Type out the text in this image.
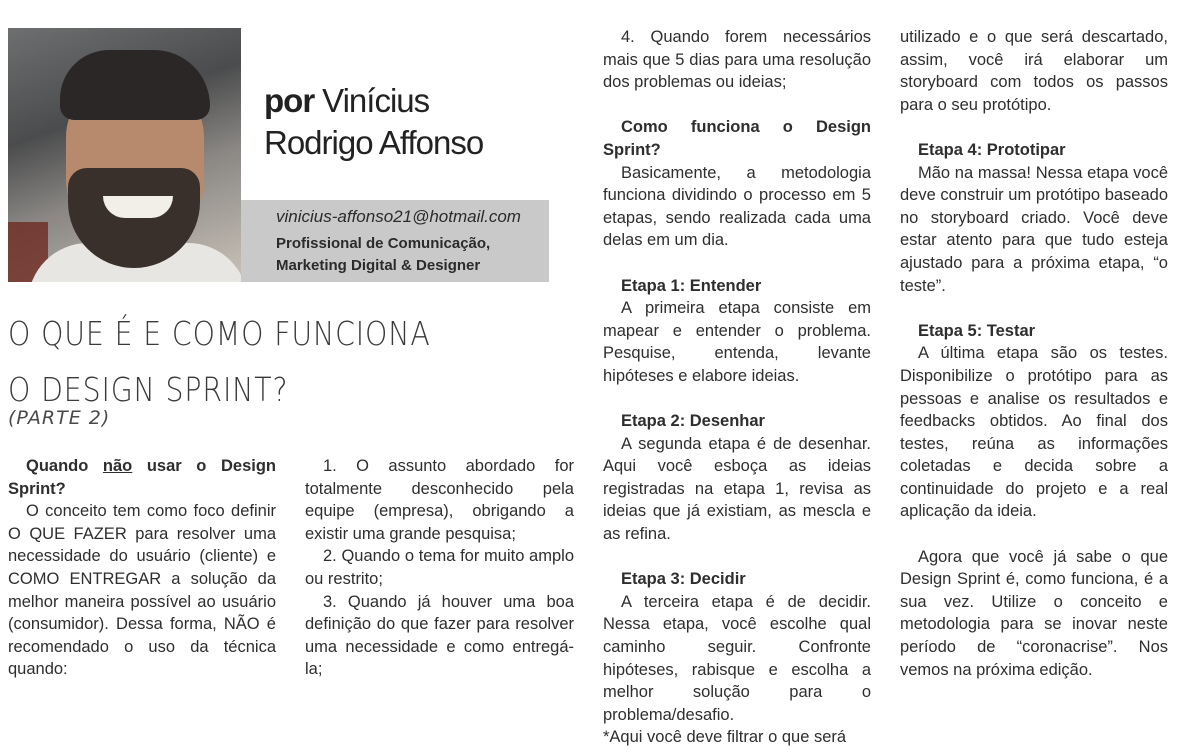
por Vinícius
Rodrigo Affonso
vinicius-affonso21@hotmail.com
Profissional de Comunicação,
Marketing Digital & Designer
O QUE É E COMO FUNCIONA
O DESIGN SPRINT?
(PARTE 2)

Quando não usar o Design Sprint?

O conceito tem como foco definir O QUE FAZER para resolver uma necessidade do usuário (cliente) e COMO ENTREGAR a solução da melhor maneira possível ao usuário (consumidor). Dessa forma, NÃO é recomendado o uso da técnica quando:

1. O assunto abordado for totalmente desconhecido pela equipe (empresa), obrigando a existir uma grande pesquisa;

2. Quando o tema for muito amplo ou restrito;

3. Quando já houver uma boa definição do que fazer para resolver uma necessidade e como entregá-la;

4. Quando forem necessários mais que 5 dias para uma resolução dos problemas ou ideias;

Como funciona o Design Sprint?

Basicamente, a metodologia funciona dividindo o processo em 5 etapas, sendo realizada cada uma delas em um dia.

Etapa 1: Entender

A primeira etapa consiste em mapear e entender o problema. Pesquise, entenda, levante hipóteses e elabore ideias.

Etapa 2: Desenhar

A segunda etapa é de desenhar. Aqui você esboça as ideias registradas na etapa 1, revisa as ideias que já existiam, as mescla e as refina.

Etapa 3: Decidir

A terceira etapa é de decidir. Nessa etapa, você escolhe qual caminho seguir. Confronte hipóteses, rabisque e escolha a melhor solução para o problema/desafio.

*Aqui você deve filtrar o que será

utilizado e o que será descartado, assim, você irá elaborar um storyboard com todos os passos para o seu protótipo.

Etapa 4: Prototipar

Mão na massa! Nessa etapa você deve construir um protótipo baseado no storyboard criado. Você deve estar atento para que tudo esteja ajustado para a próxima etapa, “o teste”.

Etapa 5: Testar

A última etapa são os testes. Disponibilize o protótipo para as pessoas e analise os resultados e feedbacks obtidos. Ao final dos testes, reúna as informações coletadas e decida sobre a continuidade do projeto e a real aplicação da ideia.

Agora que você já sabe o que Design Sprint é, como funciona, é a sua vez. Utilize o conceito e metodologia para se inovar neste período de “coronacrise”. Nos vemos na próxima edição.
